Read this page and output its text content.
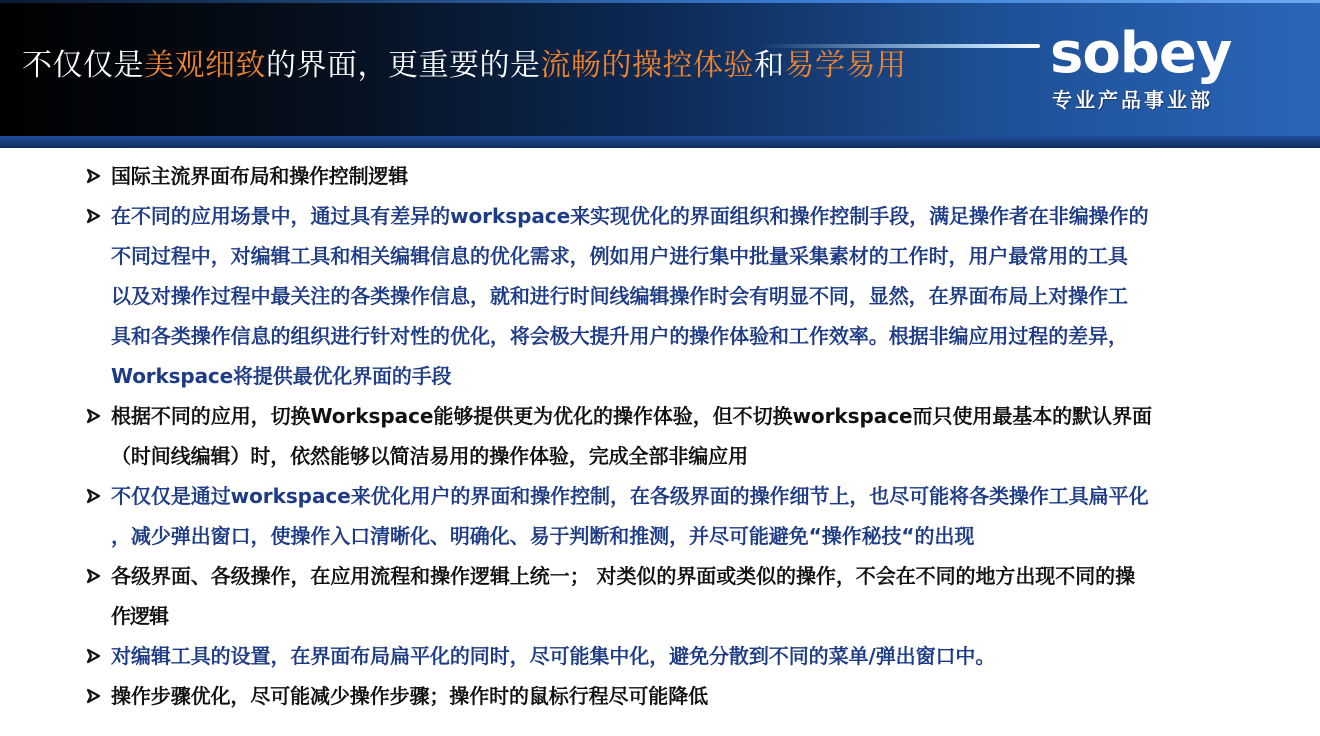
不仅仅是美观细致的界面，更重要的是流畅的操控体验和易学易用	sobey
专业产品事业部
国际主流界面布局和操作控制逻辑
在不同的应用场景中，通过具有差异的workspace来实现优化的界面组织和操作控制手段，满足操作者在非编操作的
不同过程中，对编辑工具和相关编辑信息的优化需求，例如用户进行集中批量采集素材的工作时，用户最常用的工具
以及对操作过程中最关注的各类操作信息，就和进行时间线编辑操作时会有明显不同，显然，在界面布局上对操作工
具和各类操作信息的组织进行针对性的优化，将会极大提升用户的操作体验和工作效率。根据非编应用过程的差异，
Workspace将提供最优化界面的手段
根据不同的应用，切换Workspace能够提供更为优化的操作体验，但不切换workspace而只使用最基本的默认界面
（时间线编辑）时，依然能够以简洁易用的操作体验，完成全部非编应用
不仅仅是通过workspace来优化用户的界面和操作控制，在各级界面的操作细节上，也尽可能将各类操作工具扁平化
，减少弹出窗口，使操作入口清晰化、明确化、易于判断和推测，并尽可能避免“操作秘技“的出现
各级界面、各级操作，在应用流程和操作逻辑上统一； 对类似的界面或类似的操作，不会在不同的地方出现不同的操
作逻辑
对编辑工具的设置，在界面布局扁平化的同时，尽可能集中化，避免分散到不同的菜单/弹出窗口中。
操作步骤优化，尽可能减少操作步骤；操作时的鼠标行程尽可能降低
